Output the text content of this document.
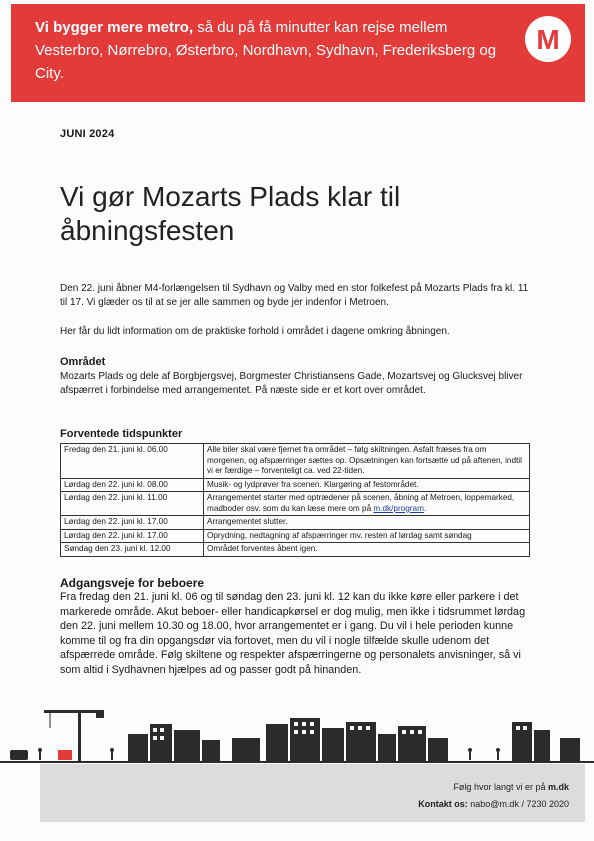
Vi bygger mere metro, så du på få minutter kan rejse mellem Vesterbro, Nørrebro, Østerbro, Nordhavn, Sydhavn, Frederiksberg og City.
M
JUNI 2024
Vi gør Mozarts Plads klar til åbningsfesten

Den 22. juni åbner M4-forlængelsen til Sydhavn og Valby med en stor folkefest på Mozarts Plads fra kl. 11 til 17. Vi glæder os til at se jer alle sammen og byde jer indenfor i Metroen.

Her får du lidt information om de praktiske forhold i området i dagene omkring åbningen.

Området

Mozarts Plads og dele af Borgbjergsvej, Borgmester Christiansens Gade, Mozartsvej og Glucksvej bliver afspærret i forbindelse med arrangementet. På næste side er et kort over området.

Forventede tidspunkter
Fredag den 21. juni kl. 06.00	Alle biler skal være fjernet fra området – følg skiltningen. Asfalt fræses fra om morgenen, og afspærringer sættes op. Opsætningen kan fortsætte ud på aftenen, indtil vi er færdige – forventeligt ca. ved 22-tiden.
Lørdag den 22. juni kl. 08.00	Musik- og lydprøver fra scenen. Klargøring af festområdet.
Lørdag den 22. juni kl. 11.00	Arrangementet starter med optrædener på scenen, åbning af Metroen, loppemarked, madboder osv. som du kan læse mere om på m.dk/program.
Lørdag den 22. juni kl. 17.00	Arrangementet slutter.
Lørdag den 22. juni kl. 17.00	Oprydning, nedtagning af afspærringer mv. resten af lørdag samt søndag
Søndag den 23. juni kl. 12.00	Området forventes åbent igen.
Adgangsveje for beboere

Fra fredag den 21. juni kl. 06 og til søndag den 23. juni kl. 12 kan du ikke køre eller parkere i det markerede område. Akut beboer- eller handicapkørsel er dog mulig, men ikke i tidsrummet lørdag den 22. juni mellem 10.30 og 18.00, hvor arrangementet er i gang. Du vil i hele perioden kunne komme til og fra din opgangsdør via fortovet, men du vil i nogle tilfælde skulle udenom det afspærrede område. Følg skiltene og respekter afspærringerne og personalets anvisninger, så vi som altid i Sydhavnen hjælpes ad og passer godt på hinanden.

Følg hvor langt vi er på m.dk
Kontakt os: nabo@m.dk / 7230 2020
